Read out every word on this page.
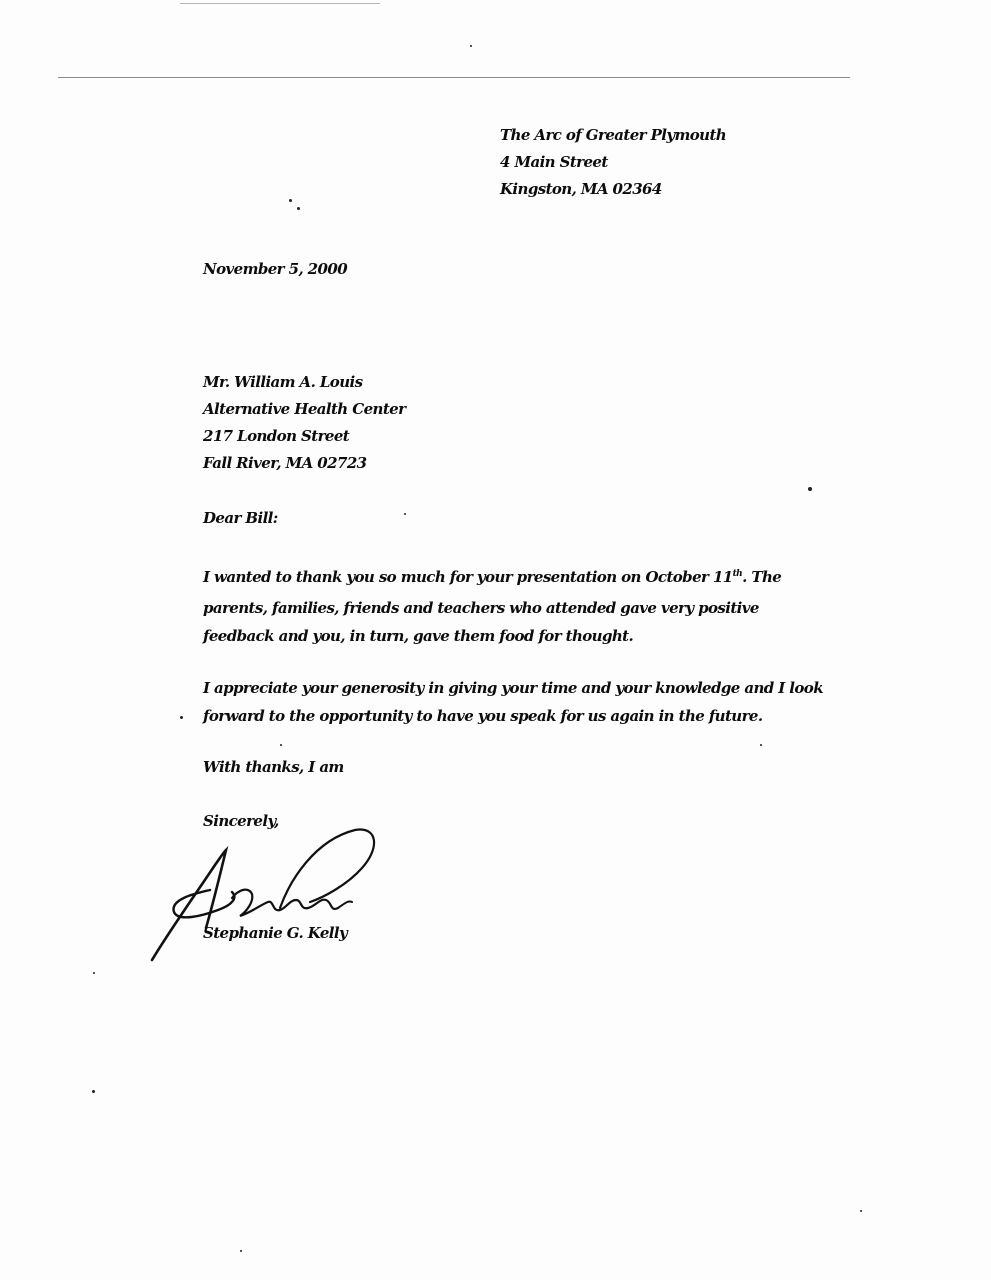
The Arc of Greater Plymouth
4 Main Street
Kingston, MA 02364
November 5, 2000
Mr. William A. Louis
Alternative Health Center
217 London Street
Fall River, MA 02723
Dear Bill:
I wanted to thank you so much for your presentation on October 11th. The
parents, families, friends and teachers who attended gave very positive
feedback and you, in turn, gave them food for thought.
I appreciate your generosity in giving your time and your knowledge and I look
forward to the opportunity to have you speak for us again in the future.
With thanks, I am
Sincerely,
Stephanie G. Kelly
